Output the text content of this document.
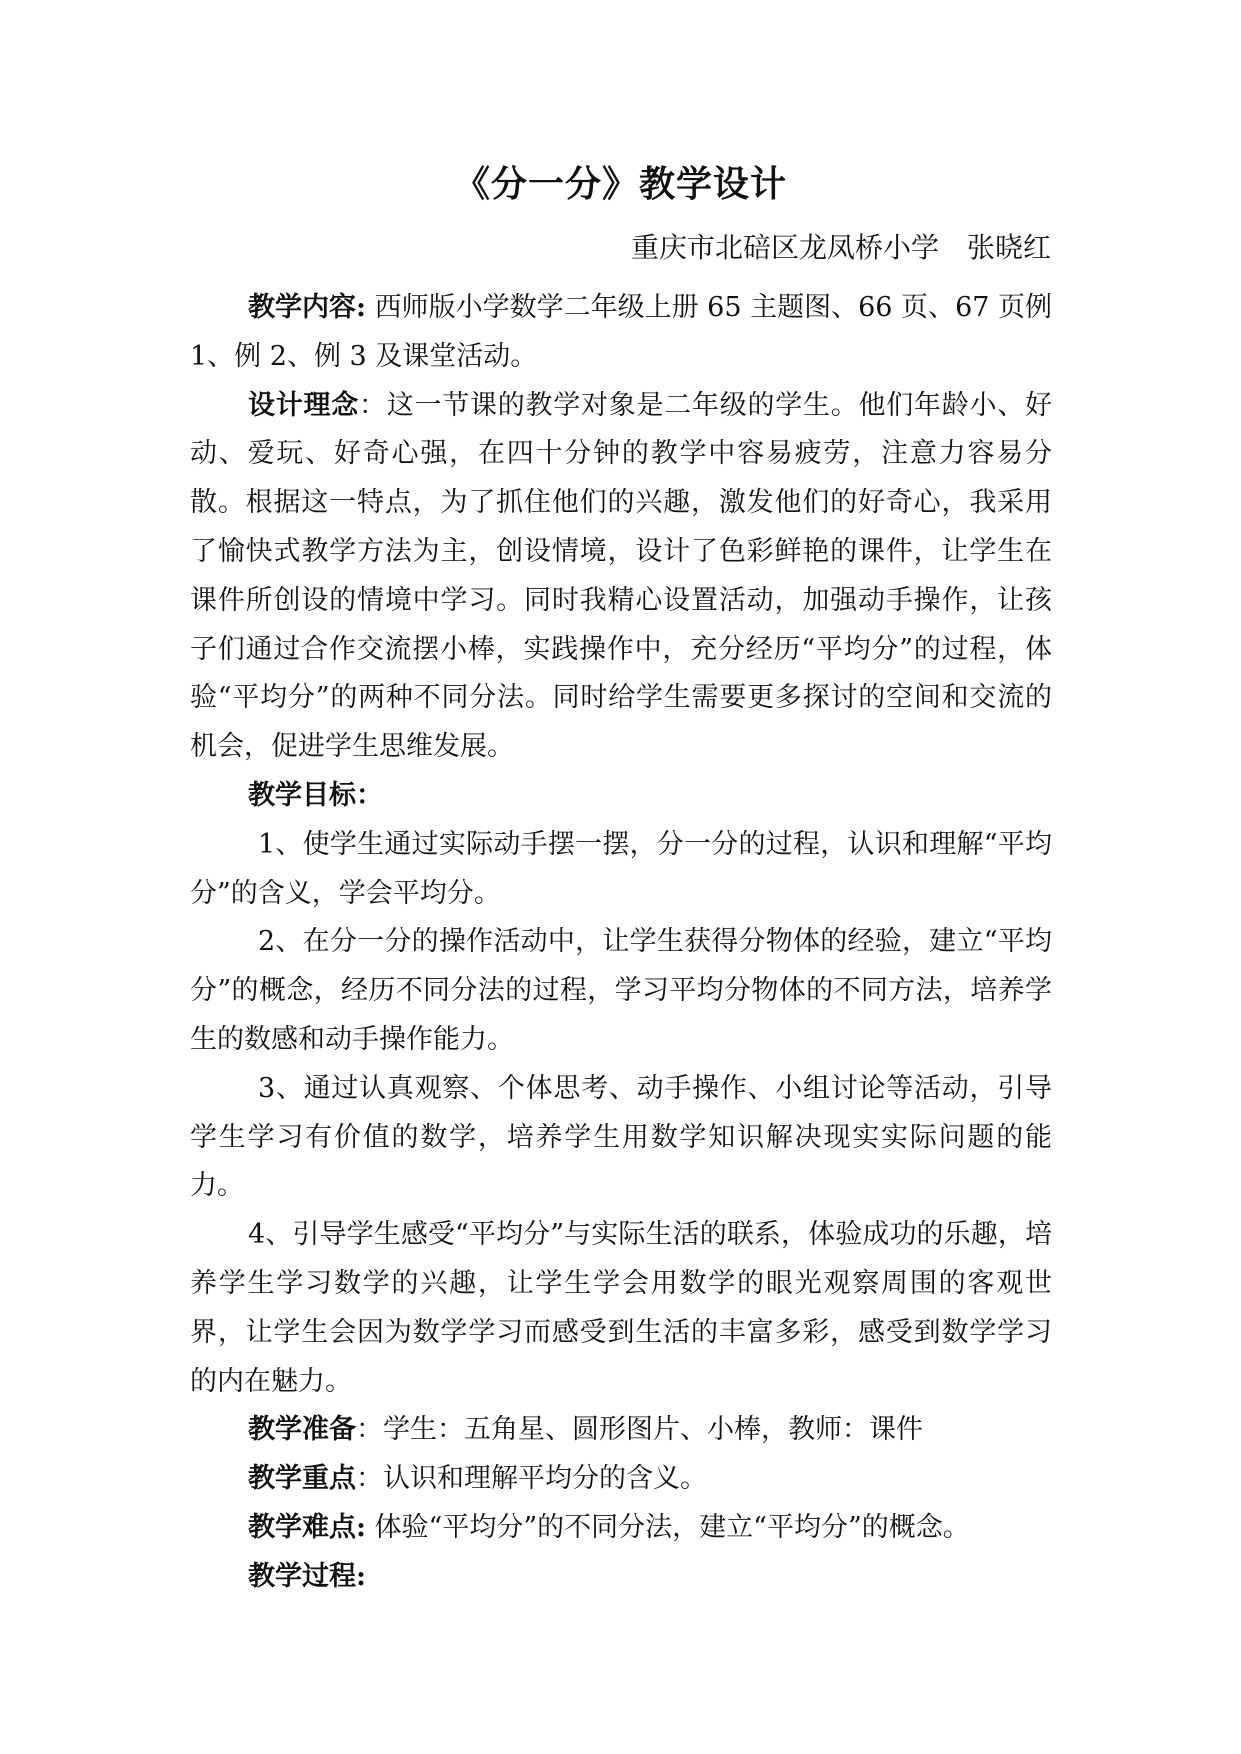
《分一分》教学设计
重庆市北碚区龙凤桥小学　张晓红

教学内容: 西师版小学数学二年级上册 65 主题图、66 页、67 页例 1、例 2、例 3 及课堂活动。

设计理念：这一节课的教学对象是二年级的学生。他们年龄小、好动、爱玩、好奇心强，在四十分钟的教学中容易疲劳，注意力容易分散。根据这一特点，为了抓住他们的兴趣，激发他们的好奇心，我采用了愉快式教学方法为主，创设情境，设计了色彩鲜艳的课件，让学生在课件所创设的情境中学习。同时我精心设置活动，加强动手操作，让孩子们通过合作交流摆小棒，实践操作中，充分经历“平均分”的过程，体验“平均分”的两种不同分法。同时给学生需要更多探讨的空间和交流的机会，促进学生思维发展。

教学目标：

1、使学生通过实际动手摆一摆，分一分的过程，认识和理解“平均分”的含义，学会平均分。

2、在分一分的操作活动中，让学生获得分物体的经验，建立“平均分”的概念，经历不同分法的过程，学习平均分物体的不同方法，培养学生的数感和动手操作能力。

3、通过认真观察、个体思考、动手操作、小组讨论等活动，引导学生学习有价值的数学，培养学生用数学知识解决现实实际问题的能力。

4、引导学生感受“平均分”与实际生活的联系，体验成功的乐趣，培养学生学习数学的兴趣，让学生学会用数学的眼光观察周围的客观世界，让学生会因为数学学习而感受到生活的丰富多彩，感受到数学学习的内在魅力。

教学准备：学生：五角星、圆形图片、小棒，教师：课件

教学重点：认识和理解平均分的含义。

教学难点: 体验“平均分”的不同分法，建立“平均分”的概念。

教学过程:
